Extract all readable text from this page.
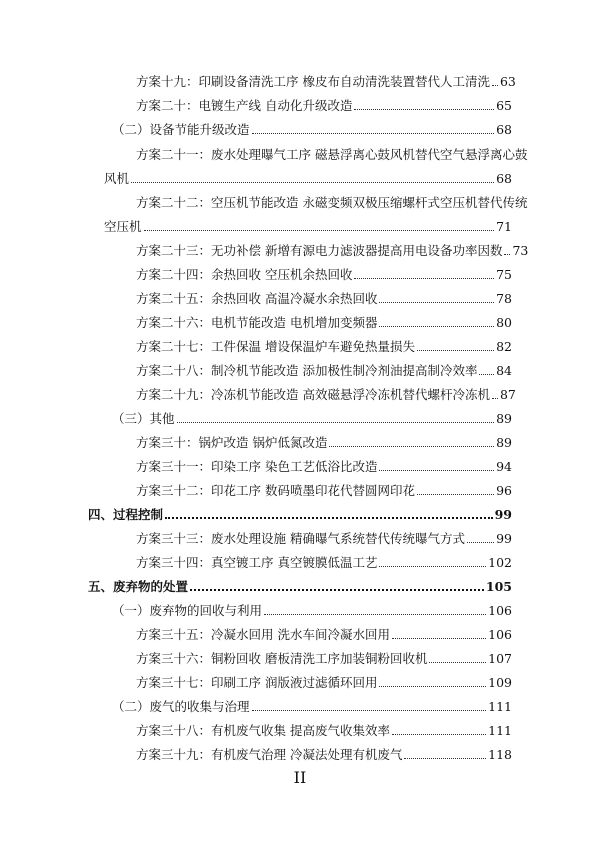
方案十九：印刷设备清洗工序 橡皮布自动清洗装置替代人工清洗 63
方案二十：电镀生产线 自动化升级改造	65
（二）设备节能升级改造	68
方案二十一：废水处理曝气工序 磁悬浮离心鼓风机替代空气悬浮离心鼓
风机	68
方案二十二：空压机节能改造 永磁变频双极压缩螺杆式空压机替代传统
空压机	71
方案二十三：无功补偿 新增有源电力滤波器提高用电设备功率因数 73
方案二十四：余热回收 空压机余热回收	75
方案二十五：余热回收 高温冷凝水余热回收	78
方案二十六：电机节能改造 电机增加变频器	80
方案二十七：工件保温 增设保温炉车避免热量损失	82
方案二十八：制冷机节能改造 添加极性制冷剂油提高制冷效率 84
方案二十九：冷冻机节能改造 高效磁悬浮冷冻机替代螺杆冷冻机 87
（三）其他	89
方案三十：锅炉改造 锅炉低氮改造	89
方案三十一：印染工序 染色工艺低浴比改造	94
方案三十二：印花工序 数码喷墨印花代替圆网印花	96
四、过程控制	99
方案三十三：废水处理设施 精确曝气系统替代传统曝气方式 99
方案三十四：真空镀工序 真空镀膜低温工艺	102
五、废弃物的处置	105
（一）废弃物的回收与利用	106
方案三十五：冷凝水回用 洗水车间冷凝水回用	106
方案三十六：铜粉回收 磨板清洗工序加装铜粉回收机	107
方案三十七：印刷工序 润版液过滤循环回用	109
（二）废气的收集与治理	111
方案三十八：有机废气收集 提高废气收集效率	111
方案三十九：有机废气治理 冷凝法处理有机废气	118
II
